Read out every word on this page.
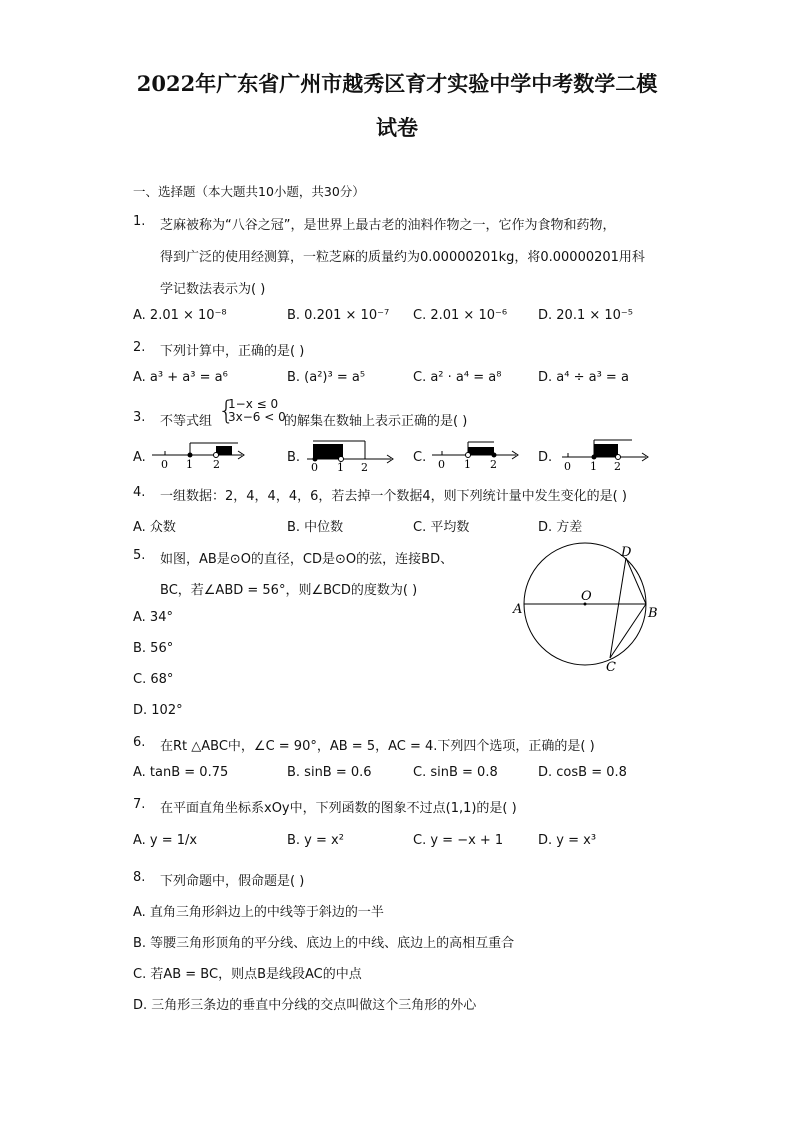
2022年广东省广州市越秀区育才实验中学中考数学二模
试卷
一、选择题（本大题共10小题，共30分）
1. 芝麻被称为“八谷之冠”，是世界上最古老的油料作物之一，它作为食物和药物，
得到广泛的使用经测算，一粒芝麻的质量约为0.00000201kg，将0.00000201用科
学记数法表示为( )
A. 2.01 × 10⁻⁸	B. 0.201 × 10⁻⁷ C. 2.01 × 10⁻⁶ D. 20.1 × 10⁻⁵
2. 下列计算中，正确的是( )
A. a³ + a³ = a⁶	B. (a²)³ = a⁵	C. a² · a⁴ = a⁸	D. a⁴ ÷ a³ = a
3. 不等式组 {
1−x ≤ 0
3x−6 < 0
的解集在数轴上表示正确的是( )
A.	B.	C.	D.
0 1 2	0 1 2	0 1 2	0 1 2
4. 一组数据：2，4，4，4，6，若去掉一个数据4，则下列统计量中发生变化的是( )
A. 众数	B. 中位数	C. 平均数	D. 方差
5. 如图，AB是⊙O的直径，CD是⊙O的弦，连接BD、
BC，若∠ABD = 56°，则∠BCD的度数为( )
A. 34°
B. 56°
C. 68°
D. 102°
A	B
C
D
O
6. 在Rt △ABC中，∠C = 90°，AB = 5，AC = 4.下列四个选项，正确的是( )
A. tanB = 0.75	B. sinB = 0.6	C. sinB = 0.8	D. cosB = 0.8
7. 在平面直角坐标系xOy中，下列函数的图象不过点(1,1)的是( )
A. y = 1/x	B. y = x²	C. y = −x + 1	D. y = x³
8. 下列命题中，假命题是( )
A. 直角三角形斜边上的中线等于斜边的一半
B. 等腰三角形顶角的平分线、底边上的中线、底边上的高相互重合
C. 若AB = BC，则点B是线段AC的中点
D. 三角形三条边的垂直中分线的交点叫做这个三角形的外心
